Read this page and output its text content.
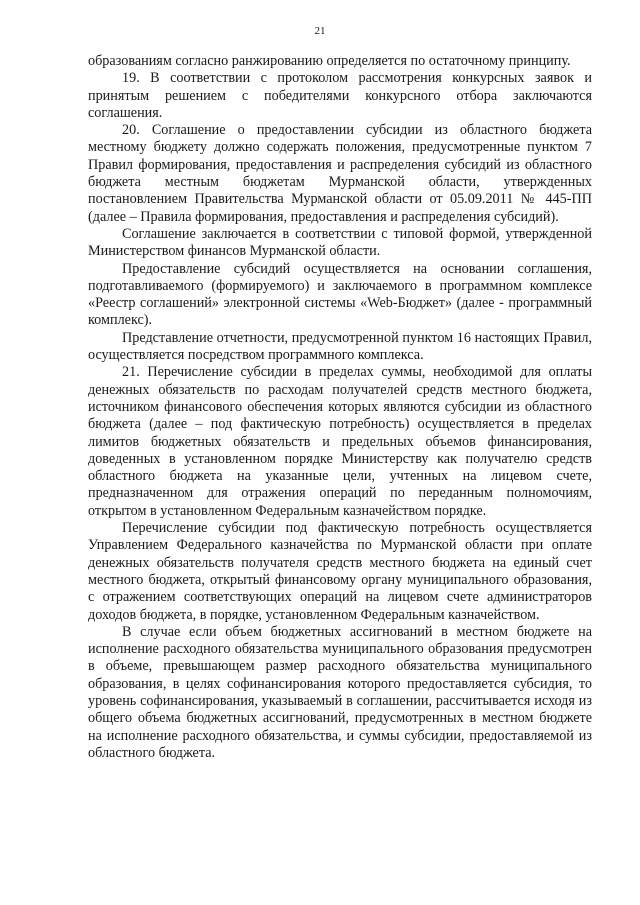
21

образованиям согласно ранжированию определяется по остаточному принципу.

19. В соответствии с протоколом рассмотрения конкурсных заявок и принятым решением с победителями конкурсного отбора заключаются соглашения.

20. Соглашение о предоставлении субсидии из областного бюджета местному бюджету должно содержать положения, предусмотренные пунктом 7 Правил формирования, предоставления и распределения субсидий из областного бюджета местным бюджетам Мурманской области, утвержденных постановлением Правительства Мурманской области от 05.09.2011 № 445-ПП (далее – Правила формирования, предоставления и распределения субсидий).

Соглашение заключается в соответствии с типовой формой, утвержденной Министерством финансов Мурманской области.

Предоставление субсидий осуществляется на основании соглашения, подготавливаемого (формируемого) и заключаемого в программном комплексе «Реестр соглашений» электронной системы «Web-Бюджет» (далее - программный комплекс).

Представление отчетности, предусмотренной пунктом 16 настоящих Правил, осуществляется посредством программного комплекса.

21. Перечисление субсидии в пределах суммы, необходимой для оплаты денежных обязательств по расходам получателей средств местного бюджета, источником финансового обеспечения которых являются субсидии из областного бюджета (далее – под фактическую потребность) осуществляется в пределах лимитов бюджетных обязательств и предельных объемов финансирования, доведенных в установленном порядке Министерству как получателю средств областного бюджета на указанные цели, учтенных на лицевом счете, предназначенном для отражения операций по переданным полномочиям, открытом в установленном Федеральным казначейством порядке.

Перечисление субсидии под фактическую потребность осуществляется Управлением Федерального казначейства по Мурманской области при оплате денежных обязательств получателя средств местного бюджета на единый счет местного бюджета, открытый финансовому органу муниципального образования, с отражением соответствующих операций на лицевом счете администраторов доходов бюджета, в порядке, установленном Федеральным казначейством.

В случае если объем бюджетных ассигнований в местном бюджете на исполнение расходного обязательства муниципального образования предусмотрен в объеме, превышающем размер расходного обязательства муниципального образования, в целях софинансирования которого предоставляется субсидия, то уровень софинансирования, указываемый в соглашении, рассчитывается исходя из общего объема бюджетных ассигнований, предусмотренных в местном бюджете на исполнение расходного обязательства, и суммы субсидии, предоставляемой из областного бюджета.
